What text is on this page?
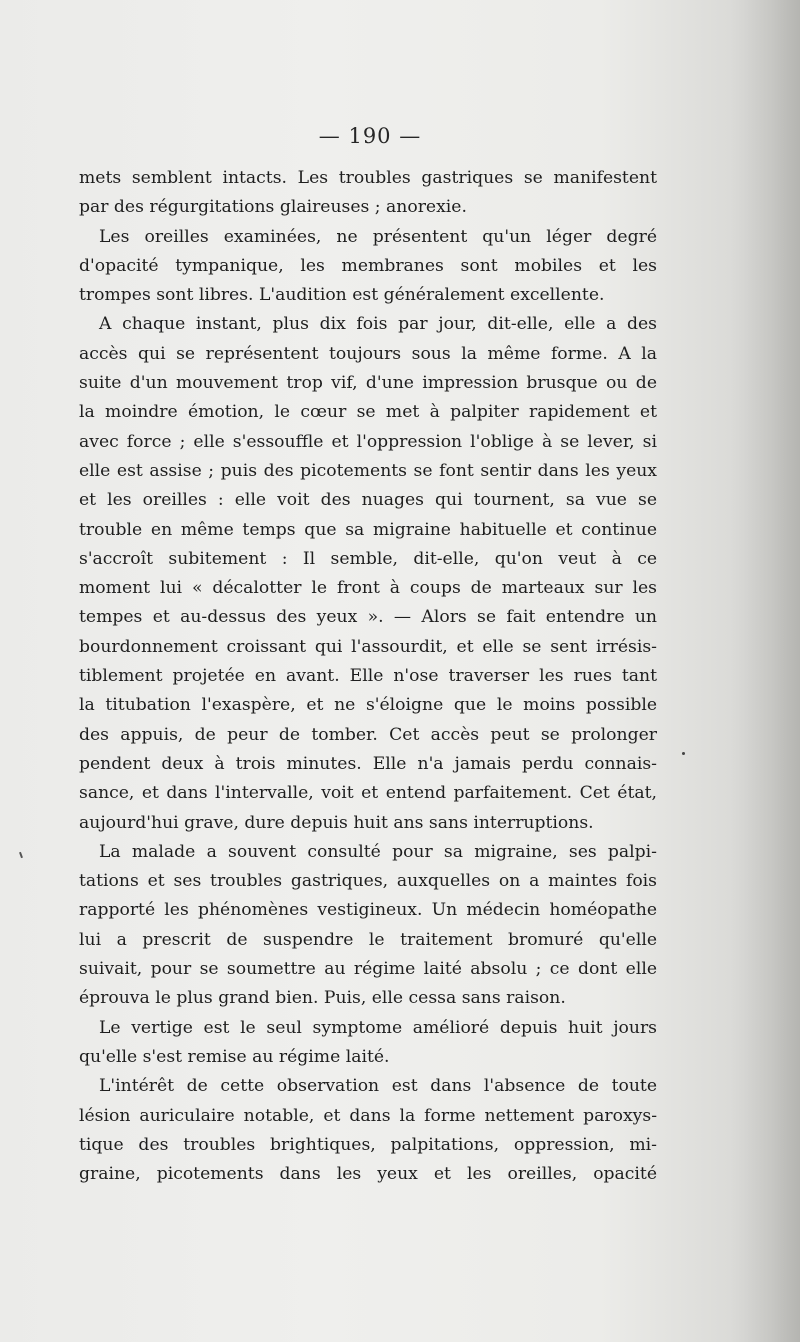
— 190 —

mets semblent intacts. Les troubles gastriques se manifestent

par des régurgitations glaireuses ; anorexie.

Les oreilles examinées, ne présentent qu'un léger degré

d'opacité tympanique, les membranes sont mobiles et les

trompes sont libres. L'audition est généralement excellente.

A chaque instant, plus dix fois par jour, dit-elle, elle a des

accès qui se représentent toujours sous la même forme. A la

suite d'un mouvement trop vif, d'une impression brusque ou de

la moindre émotion, le cœur se met à palpiter rapidement et

avec force ; elle s'essouffle et l'oppression l'oblige à se lever, si

elle est assise ; puis des picotements se font sentir dans les yeux

et les oreilles : elle voit des nuages qui tournent, sa vue se

trouble en même temps que sa migraine habituelle et continue

s'accroît subitement : Il semble, dit-elle, qu'on veut à ce

moment lui « décalotter le front à coups de marteaux sur les

tempes et au-dessus des yeux ». — Alors se fait entendre un

bourdonnement croissant qui l'assourdit, et elle se sent irrésis-

tiblement projetée en avant. Elle n'ose traverser les rues tant

la titubation l'exaspère, et ne s'éloigne que le moins possible

des appuis, de peur de tomber. Cet accès peut se prolonger

pendent deux à trois minutes. Elle n'a jamais perdu connais-

sance, et dans l'intervalle, voit et entend parfaitement. Cet état,

aujourd'hui grave, dure depuis huit ans sans interruptions.

La malade a souvent consulté pour sa migraine, ses palpi-

tations et ses troubles gastriques, auxquelles on a maintes fois

rapporté les phénomènes vestigineux. Un médecin homéopathe

lui a prescrit de suspendre le traitement bromuré qu'elle

suivait, pour se soumettre au régime laité absolu ; ce dont elle

éprouva le plus grand bien. Puis, elle cessa sans raison.

Le vertige est le seul symptome amélioré depuis huit jours

qu'elle s'est remise au régime laité.

L'intérêt de cette observation est dans l'absence de toute

lésion auriculaire notable, et dans la forme nettement paroxys-

tique des troubles brightiques, palpitations, oppression, mi-

graine, picotements dans les yeux et les oreilles, opacité
